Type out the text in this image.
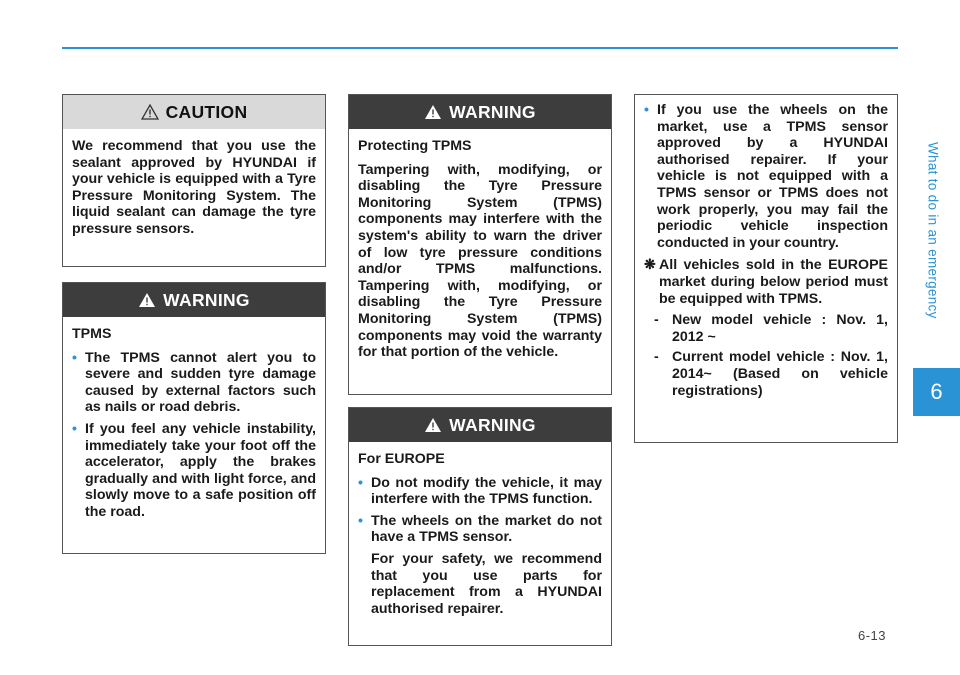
What to do in an emergency
6
CAUTION
We recommend that you use the sealant approved by HYUNDAI if your vehicle is equipped with a Tyre Pressure Monitoring System. The liquid sealant can damage the tyre pressure sensors.
WARNING
TPMS
• The TPMS cannot alert you to severe and sudden tyre damage caused by external factors such as nails or road debris.
• If you feel any vehicle instability, immediately take your foot off the accelerator, apply the brakes gradually and with light force, and slowly move to a safe position off the road.
WARNING
Protecting TPMS
Tampering with, modifying, or disabling the Tyre Pressure Monitoring System (TPMS) components may interfere with the system's ability to warn the driver of low tyre pressure conditions and/or TPMS malfunctions. Tampering with, modifying, or disabling the Tyre Pressure Monitoring System (TPMS) components may void the warranty for that portion of the vehicle.
WARNING
For EUROPE
• Do not modify the vehicle, it may interfere with the TPMS function.
• The wheels on the market do not have a TPMS sensor.
For your safety, we recommend that you use parts for replacement from a HYUNDAI authorised repairer.
• If you use the wheels on the market, use a TPMS sensor approved by a HYUNDAI authorised repairer. If your vehicle is not equipped with a TPMS sensor or TPMS does not work properly, you may fail the periodic vehicle inspection conducted in your country.
❋ All vehicles sold in the EUROPE market during below period must be equipped with TPMS.
- New model vehicle : Nov. 1, 2012 ~
- Current model vehicle : Nov. 1, 2014~ (Based on vehicle registrations)
6-13
